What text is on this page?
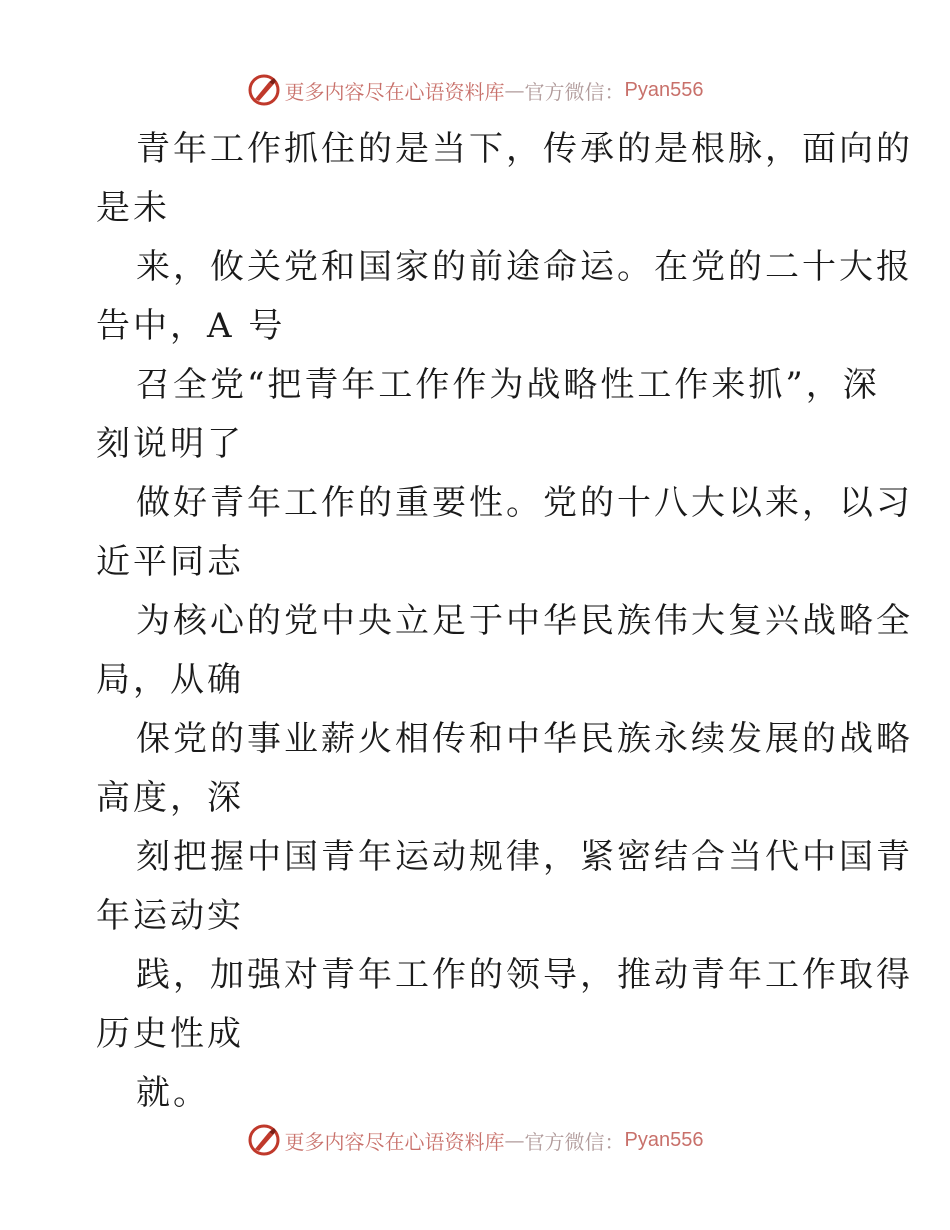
更多内容尽在心语资料库 — 官方微信： Pyan556
青年工作抓住的是当下，传承的是根脉，面向的
是未
来，攸关党和国家的前途命运。在党的二十大报
告中，A 号
召全党“把青年工作作为战略性工作来抓”，深
刻说明了
做好青年工作的重要性。党的十八大以来，以习
近平同志
为核心的党中央立足于中华民族伟大复兴战略全
局，从确
保党的事业薪火相传和中华民族永续发展的战略
高度，深
刻把握中国青年运动规律，紧密结合当代中国青
年运动实
践，加强对青年工作的领导，推动青年工作取得
历史性成
就。
更多内容尽在心语资料库 — 官方微信： Pyan556
